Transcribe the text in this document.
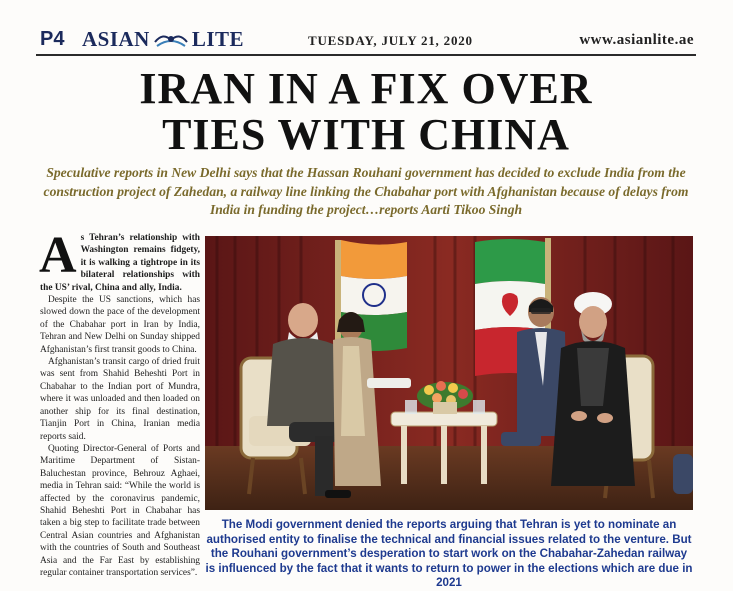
P4 ASIAN LITE	TUESDAY, JULY 21, 2020	www.asianlite.ae
IRAN IN A FIX OVER
TIES WITH CHINA
Speculative reports in New Delhi says that the Hassan Rouhani government has decided to exclude India from the construction project of Zahedan, a railway line linking the Chabahar port with Afghanistan because of delays from India in funding the project…reports Aarti Tikoo Singh

As Tehran’s relationship with Washington remains fidgety, it is walking a tightrope in its bilateral relationships with the US’ rival, China and ally, India.

Despite the US sanctions, which has slowed down the pace of the development of the Chabahar port in Iran by India, Tehran and New Delhi on Sunday shipped Afghanistan’s first transit goods to China.

Afghanistan’s transit cargo of dried fruit was sent from Shahid Beheshti Port in Chabahar to the Indian port of Mundra, where it was unloaded and then loaded on another ship for its final destination, Tianjin Port in China, Iranian media reports said.

Quoting Director-General of Ports and Maritime Department of Sistan-Baluchestan province, Behrouz Aghaei, media in Tehran said: “While the world is affected by the coronavirus pandemic, Shahid Beheshti Port in Chabahar has taken a big step to facilitate trade between Central Asian countries and Afghanistan with the countries of South and Southeast Asia and the Far East by establishing regular container transportation services”.

The Modi government denied the reports arguing that Tehran is yet to nominate an authorised entity to finalise the technical and financial issues related to the venture. But the Rouhani government’s desperation to start work on the Chabahar-Zahedan railway is influenced by the fact that it wants to return to power in the elections which are due in 2021
